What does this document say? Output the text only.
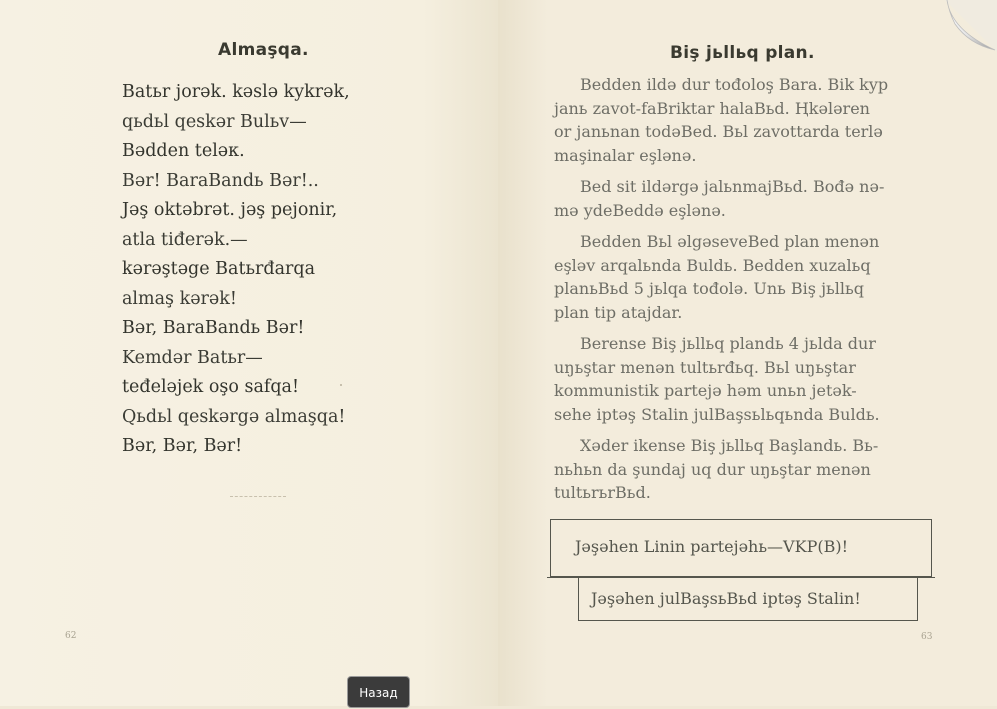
Almaşqa.
Batьr jorək. kəslə kykrək,
qьdьl qeskər Bulьv—
Bədden teləк.
Bər! BaraBandь Bər!..
Jəş oktəbrət. jəş pejonir,
atla tiđerək.—
kərəştəge Batьrđarqa
almaş kərək!
Bər, BaraBandь Bər!
Kemdər Batьr—
teđeləjek oşo safqa!
Qьdьl qeskərgə almaşqa!
Bər, Bər, Bər!
62
Biş jьllьq plan.

Bedden ildə dur tođoloş Bara. Bik kyp
janь zavot-faBriktar halaBьd. Ңkələren
or janьnan todəBed. Bьl zavottarda terlə
maşinalar eşlənə.

Bed sit ildərgə jalьnmajBьd. Bođə nə-
mə ydeBeddə eşlənə.

Bedden Bьl əlgəseveBed plan menən
eşləv arqalьnda Buldь. Bedden xuzalьq
planьBьd 5 jьlqa tođolə. Unь Biş jьllьq
plan tip atajdar.

Berense Biş jьllьq plandь 4 jьlda dur
uŋьştar menən tultьrđьq. Bьl uŋьştar
kommunistik partejə həm unьn jetək-
sehe iptəş Stalin julBaşsьlьqьnda Buldь.

Xəder ikense Biş jьllьq Başlandь. Bь-
nьhьn da şundaj uq dur uŋьştar menən
tultьrьrBьd.

Jəşəhen Linin partejəhь—VKP(B)!
Jəşəhen julBaşsьBьd iptəş Stalin!
63
Назад
